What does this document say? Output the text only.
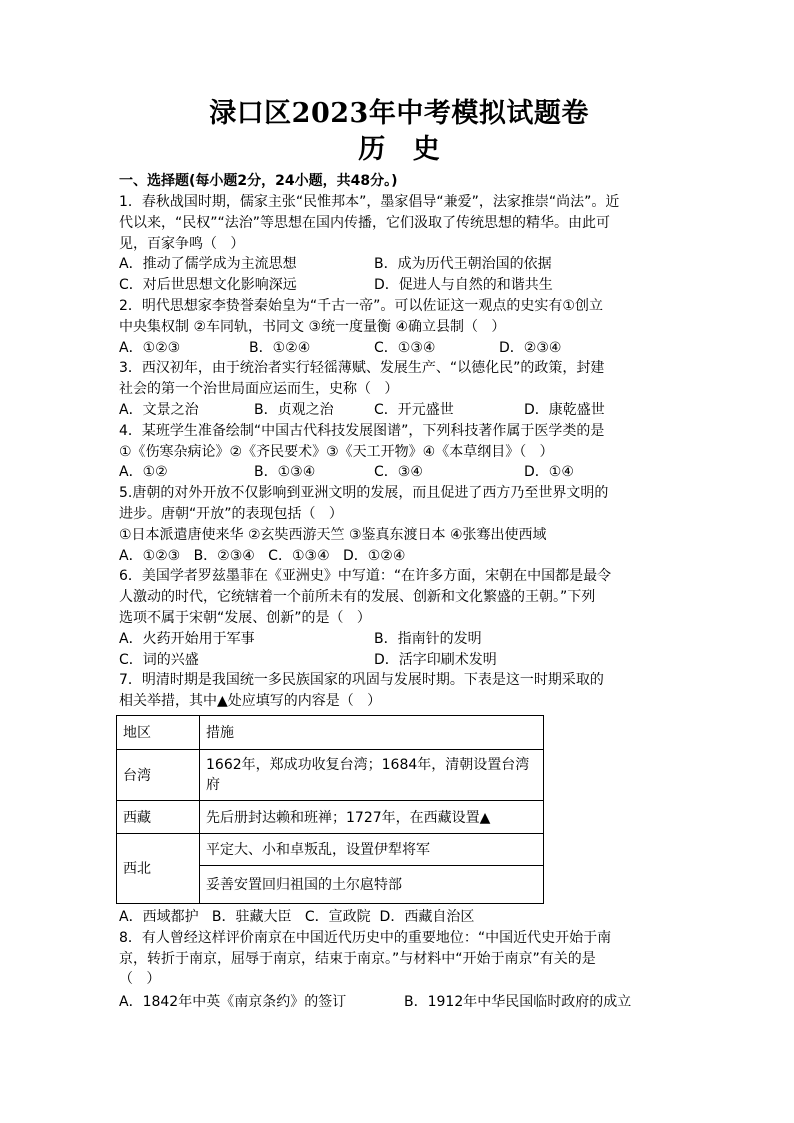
渌口区2023年中考模拟试题卷
历 史
一、选择题(每小题2分，24小题，共48分。)

1．春秋战国时期，儒家主张“民惟邦本”，墨家倡导“兼爱”，法家推崇“尚法”。近

代以来，“民权”“法治”等思想在国内传播，它们汲取了传统思想的精华。由此可

见，百家争鸣（   ）

A．推动了儒学成为主流思想	B．成为历代王朝治国的依据
C．对后世思想文化影响深远	D．促进人与自然的和谐共生

2．明代思想家李贽誉秦始皇为“千古一帝”。可以佐证这一观点的史实有①创立

中央集权制 ②车同轨，书同文 ③统一度量衡 ④确立县制（   ）

A．①②③	B．①②④	C．①③④	D．②③④

3．西汉初年，由于统治者实行轻徭薄赋、发展生产、“以德化民”的政策，封建

社会的第一个治世局面应运而生，史称（   ）

A．文景之治	B．贞观之治	C．开元盛世	D．康乾盛世

4．某班学生准备绘制“中国古代科技发展图谱”，下列科技著作属于医学类的是

①《伤寒杂病论》②《齐民要术》③《天工开物》④《本草纲目》（   ）

A．①②	B．①③④	C．③④	D．①④

5.唐朝的对外开放不仅影响到亚洲文明的发展，而且促进了西方乃至世界文明的

进步。唐朝“开放”的表现包括（   ）

①日本派遣唐使来华 ②玄奘西游天竺 ③鉴真东渡日本 ④张骞出使西域

A．①②③   B．②③④   C．①③④   D．①②④

6．美国学者罗兹墨菲在《亚洲史》中写道：“在许多方面，宋朝在中国都是最令

人激动的时代，它统辖着一个前所未有的发展、创新和文化繁盛的王朝。”下列

选项不属于宋朝“发展、创新”的是（   ）

A．火药开始用于军事	B．指南针的发明
C．词的兴盛	D．活字印刷术发明

7．明清时期是我国统一多民族国家的巩固与发展时期。下表是这一时期采取的

相关举措，其中▲处应填写的内容是（   ）

地区	措施
台湾	1662年，郑成功收复台湾；1684年，清朝设置台湾府
西藏	先后册封达赖和班禅；1727年，在西藏设置▲
西北	平定大、小和卓叛乱，设置伊犁将军
	妥善安置回归祖国的土尔扈特部
A．西域都护   B．驻藏大臣   C．宣政院  D．西藏自治区

8．有人曾经这样评价南京在中国近代历史中的重要地位：“中国近代史开始于南

京，转折于南京，屈辱于南京，结束于南京。”与材料中“开始于南京”有关的是

（   ）

A．1842年中英《南京条约》的签订	B．1912年中华民国临时政府的成立
